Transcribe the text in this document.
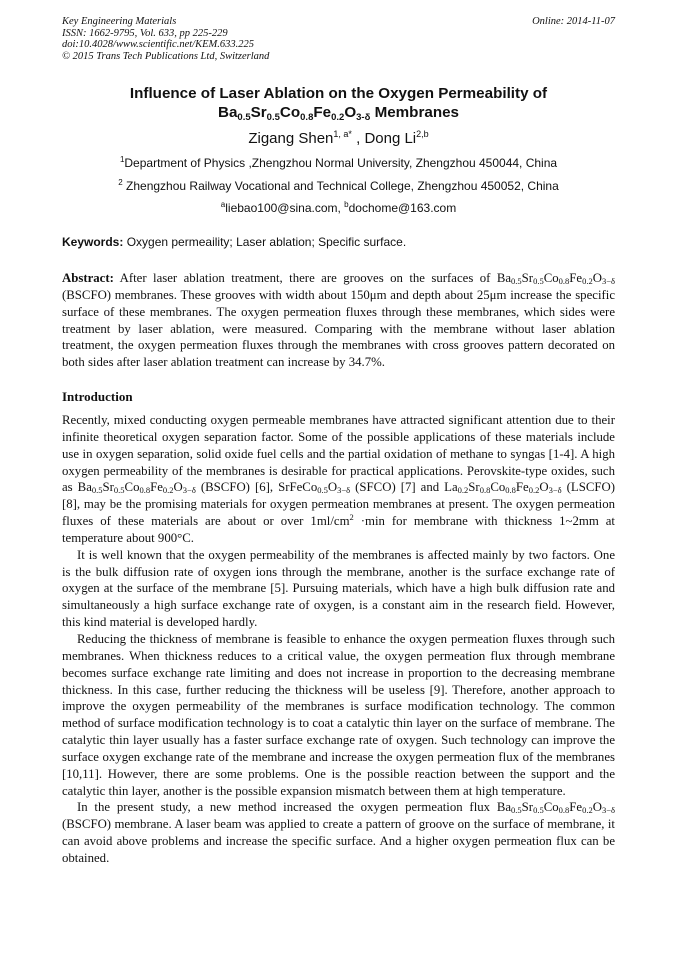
Key Engineering Materials
ISSN: 1662-9795, Vol. 633, pp 225-229
doi:10.4028/www.scientific.net/KEM.633.225
© 2015 Trans Tech Publications Ltd, Switzerland
Online: 2014-11-07
Influence of Laser Ablation on the Oxygen Permeability of
$Ba_{0.5}Sr_{0.5}Co_{0.8}Fe_{0.2}O_{3-\delta}$ Membranes
Zigang Shen$^{1, a*}$ , Dong Li$^{2,b}$
$^1$Department of Physics ,Zhengzhou Normal University, Zhengzhou 450044, China
$^2$ Zhengzhou Railway Vocational and Technical College, Zhengzhou 450052, China
$^a$liebao100@sina.com, $^b$dochome@163.com
Keywords: Oxygen permeaility; Laser ablation; Specific surface.
Abstract: After laser ablation treatment, there are grooves on the surfaces of $Ba_{0.5}Sr_{0.5}Co_{0.8}Fe_{0.2}O_{3-\delta}$ (BSCFO) membranes. These grooves with width about 150μm and depth about 25μm increase the specific surface of these membranes. The oxygen permeation fluxes through these membranes, which sides were treatment by laser ablation, were measured. Comparing with the membrane without laser ablation treatment, the oxygen permeation fluxes through the membranes with cross grooves pattern decorated on both sides after laser ablation treatment can increase by 34.7%.
Introduction
Recently, mixed conducting oxygen permeable membranes have attracted significant attention due to their infinite theoretical oxygen separation factor. Some of the possible applications of these materials include use in oxygen separation, solid oxide fuel cells and the partial oxidation of methane to syngas [1-4]. A high oxygen permeability of the membranes is desirable for practical applications. Perovskite-type oxides, such as $Ba_{0.5}Sr_{0.5}Co_{0.8}Fe_{0.2}O_{3-\delta}$ (BSCFO) [6], $SrFeCo_{0.5}O_{3-\delta}$ (SFCO) [7] and $La_{0.2}Sr_{0.8}Co_{0.8}Fe_{0.2}O_{3-\delta}$ (LSCFO)[8], may be the promising materials for oxygen permeation membranes at present. The oxygen permeation fluxes of these materials are about or over $1ml/cm^2 \cdot\min$ for membrane with thickness 1~2mm at temperature about 900°C.
It is well known that the oxygen permeability of the membranes is affected mainly by two factors. One is the bulk diffusion rate of oxygen ions through the membrane, another is the surface exchange rate of oxygen at the surface of the membrane [5]. Pursuing materials, which have a high bulk diffusion rate and simultaneously a high surface exchange rate of oxygen, is a constant aim in the research field. However, this kind material is developed hardly.
Reducing the thickness of membrane is feasible to enhance the oxygen permeation fluxes through such membranes. When thickness reduces to a critical value, the oxygen permeation flux through membrane becomes surface exchange rate limiting and does not increase in proportion to the decreasing membrane thickness. In this case, further reducing the thickness will be useless [9]. Therefore, another approach to improve the oxygen permeability of the membranes is surface modification technology. The common method of surface modification technology is to coat a catalytic thin layer on the surface of membrane. The catalytic thin layer usually has a faster surface exchange rate of oxygen. Such technology can improve the surface oxygen exchange rate of the membrane and increase the oxygen permeation flux of the membranes [10,11]. However, there are some problems. One is the possible reaction between the support and the catalytic thin layer, another is the possible expansion mismatch between them at high temperature.
In the present study, a new method increased the oxygen permeation flux $Ba_{0.5}Sr_{0.5}Co_{0.8}Fe_{0.2}O_{3-\delta}$ (BSCFO) membrane. A laser beam was applied to create a pattern of groove on the surface of membrane, it can avoid above problems and increase the specific surface. And a higher oxygen permeation flux can be obtained.
